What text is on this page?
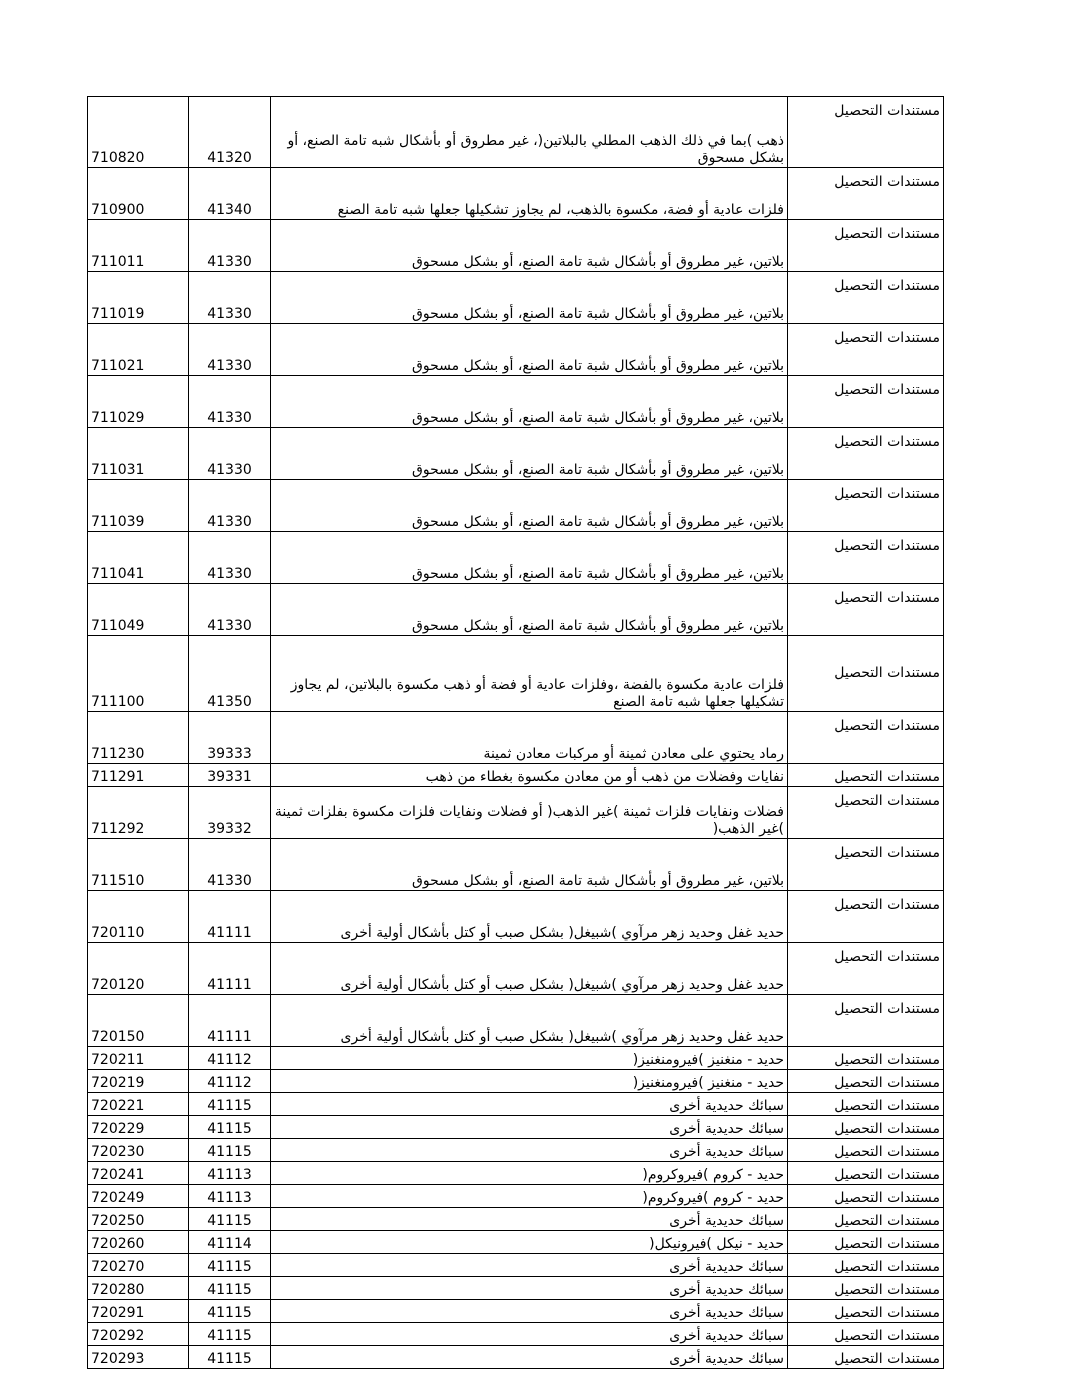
710820	41320	ذهب )بما في ذلك الذهب المطلي بالبلاتين(، غير مطروق أو بأشكال شبه تامة الصنع، أو بشكل مسحوق	مستندات التحصيل
710900	41340	فلزات عادية أو فضة، مكسوة بالذهب، لم يجاوز تشكيلها جعلها شبه تامة الصنع	مستندات التحصيل
711011	41330	بلاتين، غير مطروق أو بأشكال شبة تامة الصنع، أو بشكل مسحوق	مستندات التحصيل
711019	41330	بلاتين، غير مطروق أو بأشكال شبة تامة الصنع، أو بشكل مسحوق	مستندات التحصيل
711021	41330	بلاتين، غير مطروق أو بأشكال شبة تامة الصنع، أو بشكل مسحوق	مستندات التحصيل
711029	41330	بلاتين، غير مطروق أو بأشكال شبة تامة الصنع، أو بشكل مسحوق	مستندات التحصيل
711031	41330	بلاتين، غير مطروق أو بأشكال شبة تامة الصنع، أو بشكل مسحوق	مستندات التحصيل
711039	41330	بلاتين، غير مطروق أو بأشكال شبة تامة الصنع، أو بشكل مسحوق	مستندات التحصيل
711041	41330	بلاتين، غير مطروق أو بأشكال شبة تامة الصنع، أو بشكل مسحوق	مستندات التحصيل
711049	41330	بلاتين، غير مطروق أو بأشكال شبة تامة الصنع، أو بشكل مسحوق	مستندات التحصيل
711100	41350	فلزات عادية مكسوة بالفضة ،وفلزات عادية أو فضة أو ذهب مكسوة بالبلاتين، لم يجاوز تشكيلها جعلها شبه تامة الصنع	مستندات التحصيل
711230	39333	رماد يحتوي على معادن ثمينة أو مركبات معادن ثمينة	مستندات التحصيل
711291	39331	نفايات وفضلات من ذهب أو من معادن مكسوة بغطاء من ذهب	مستندات التحصيل
711292	39332	فضلات ونفايات فلزات ثمينة )غير الذهب( أو فضلات ونفايات فلزات مكسوة بفلزات ثمينة )غير الذهب(	مستندات التحصيل
711510	41330	بلاتين، غير مطروق أو بأشكال شبة تامة الصنع، أو بشكل مسحوق	مستندات التحصيل
720110	41111	حديد غفل وحديد زهر مرآوي )شبيغل( بشكل صبب أو كتل بأشكال أولية أخرى	مستندات التحصيل
720120	41111	حديد غفل وحديد زهر مرآوي )شبيغل( بشكل صبب أو كتل بأشكال أولية أخرى	مستندات التحصيل
720150	41111	حديد غفل وحديد زهر مرآوي )شبيغل( بشكل صبب أو كتل بأشكال أولية أخرى	مستندات التحصيل
720211	41112	حديد - منغنيز )فيرومنغنيز(	مستندات التحصيل
720219	41112	حديد - منغنيز )فيرومنغنيز(	مستندات التحصيل
720221	41115	سبائك حديدية أخرى	مستندات التحصيل
720229	41115	سبائك حديدية أخرى	مستندات التحصيل
720230	41115	سبائك حديدية أخرى	مستندات التحصيل
720241	41113	حديد - كروم )فيروكروم(	مستندات التحصيل
720249	41113	حديد - كروم )فيروكروم(	مستندات التحصيل
720250	41115	سبائك حديدية أخرى	مستندات التحصيل
720260	41114	حديد - نيكل )فيرونيكل(	مستندات التحصيل
720270	41115	سبائك حديدية أخرى	مستندات التحصيل
720280	41115	سبائك حديدية أخرى	مستندات التحصيل
720291	41115	سبائك حديدية أخرى	مستندات التحصيل
720292	41115	سبائك حديدية أخرى	مستندات التحصيل
720293	41115	سبائك حديدية أخرى	مستندات التحصيل
